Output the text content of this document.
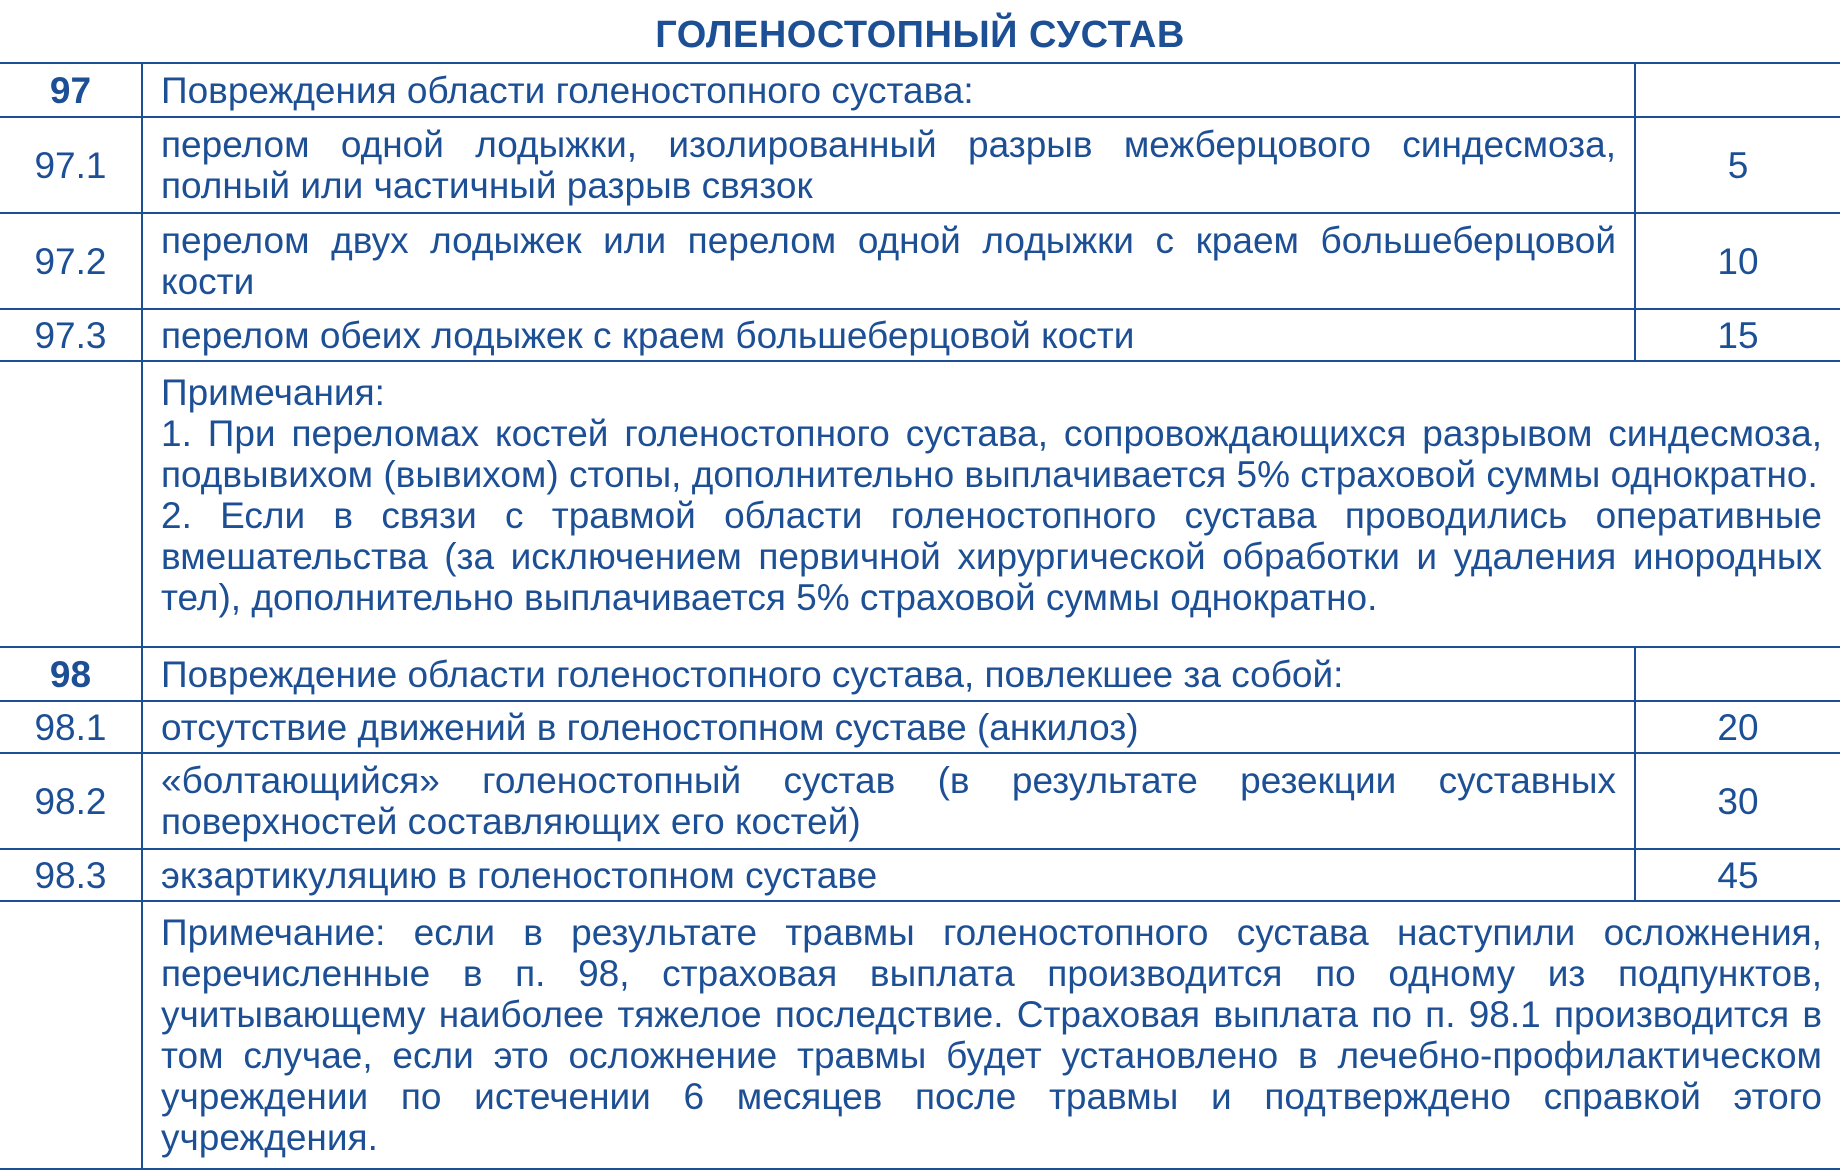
ГОЛЕНОСТОПНЫЙ СУСТАВ
97	Повреждения области голеностопного сустава:	
97.1	перелом одной лодыжки, изолированный разрыв межберцового синдесмоза, полный или частичный разрыв связок	5
97.2	перелом двух лодыжек или перелом одной лодыжки с краем большеберцовой кости	10
97.3	перелом обеих лодыжек с краем большеберцовой кости	15

	Примечания:
1. При переломах костей голеностопного сустава, сопровождающихся разрывом синдесмоза, подвывихом (вывихом) стопы, дополнительно выплачивается 5% страховой суммы однократно.
2. Если в связи с травмой области голеностопного сустава проводились оперативные вмешательства (за исключением первичной хирургической обработки и удаления инородных тел), дополнительно выплачивается 5% страховой суммы однократно.	

98	Повреждение области голеностопного сустава, повлекшее за собой:	
98.1	отсутствие движений в голеностопном суставе (анкилоз)	20
98.2	«болтающийся» голеностопный сустав (в результате резекции суставных поверхностей составляющих его костей)	30
98.3	экзартикуляцию в голеностопном суставе	45
	Примечание: если в результате травмы голеностопного сустава наступили осложнения, перечисленные в п. 98, страховая выплата производится по одному из подпунктов, учитывающему наиболее тяжелое последствие. Страховая выплата по п. 98.1 производится в том случае, если это осложнение травмы будет установлено в лечебно-профилактическом учреждении по истечении 6 месяцев после травмы и подтверждено справкой этого учреждения.	
